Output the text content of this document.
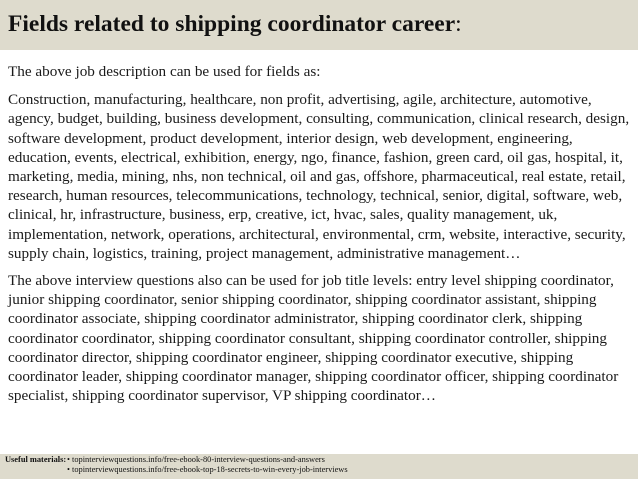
Fields related to shipping coordinator career:

The above job description can be used for fields as:

Construction, manufacturing, healthcare, non profit, advertising, agile, architecture, automotive, agency, budget, building, business development, consulting, communication, clinical research, design, software development, product development, interior design, web development, engineering, education, events, electrical, exhibition, energy, ngo, finance, fashion, green card, oil gas, hospital, it, marketing, media, mining, nhs, non technical, oil and gas, offshore, pharmaceutical, real estate, retail, research, human resources, telecommunications, technology, technical, senior, digital, software, web, clinical, hr, infrastructure, business, erp, creative, ict, hvac, sales, quality management, uk, implementation, network, operations, architectural, environmental, crm, website, interactive, security, supply chain, logistics, training, project management, administrative management…

The above interview questions also can be used for job title levels: entry level shipping coordinator, junior shipping coordinator, senior shipping coordinator, shipping coordinator assistant, shipping coordinator associate, shipping coordinator administrator, shipping coordinator clerk, shipping coordinator coordinator, shipping coordinator consultant, shipping coordinator controller, shipping coordinator director, shipping coordinator engineer, shipping coordinator executive, shipping coordinator leader, shipping coordinator manager, shipping coordinator officer, shipping coordinator specialist, shipping coordinator supervisor, VP shipping coordinator…

Useful materials:• topinterviewquestions.info/free-ebook-80-interview-questions-and-answers
• topinterviewquestions.info/free-ebook-top-18-secrets-to-win-every-job-interviews
